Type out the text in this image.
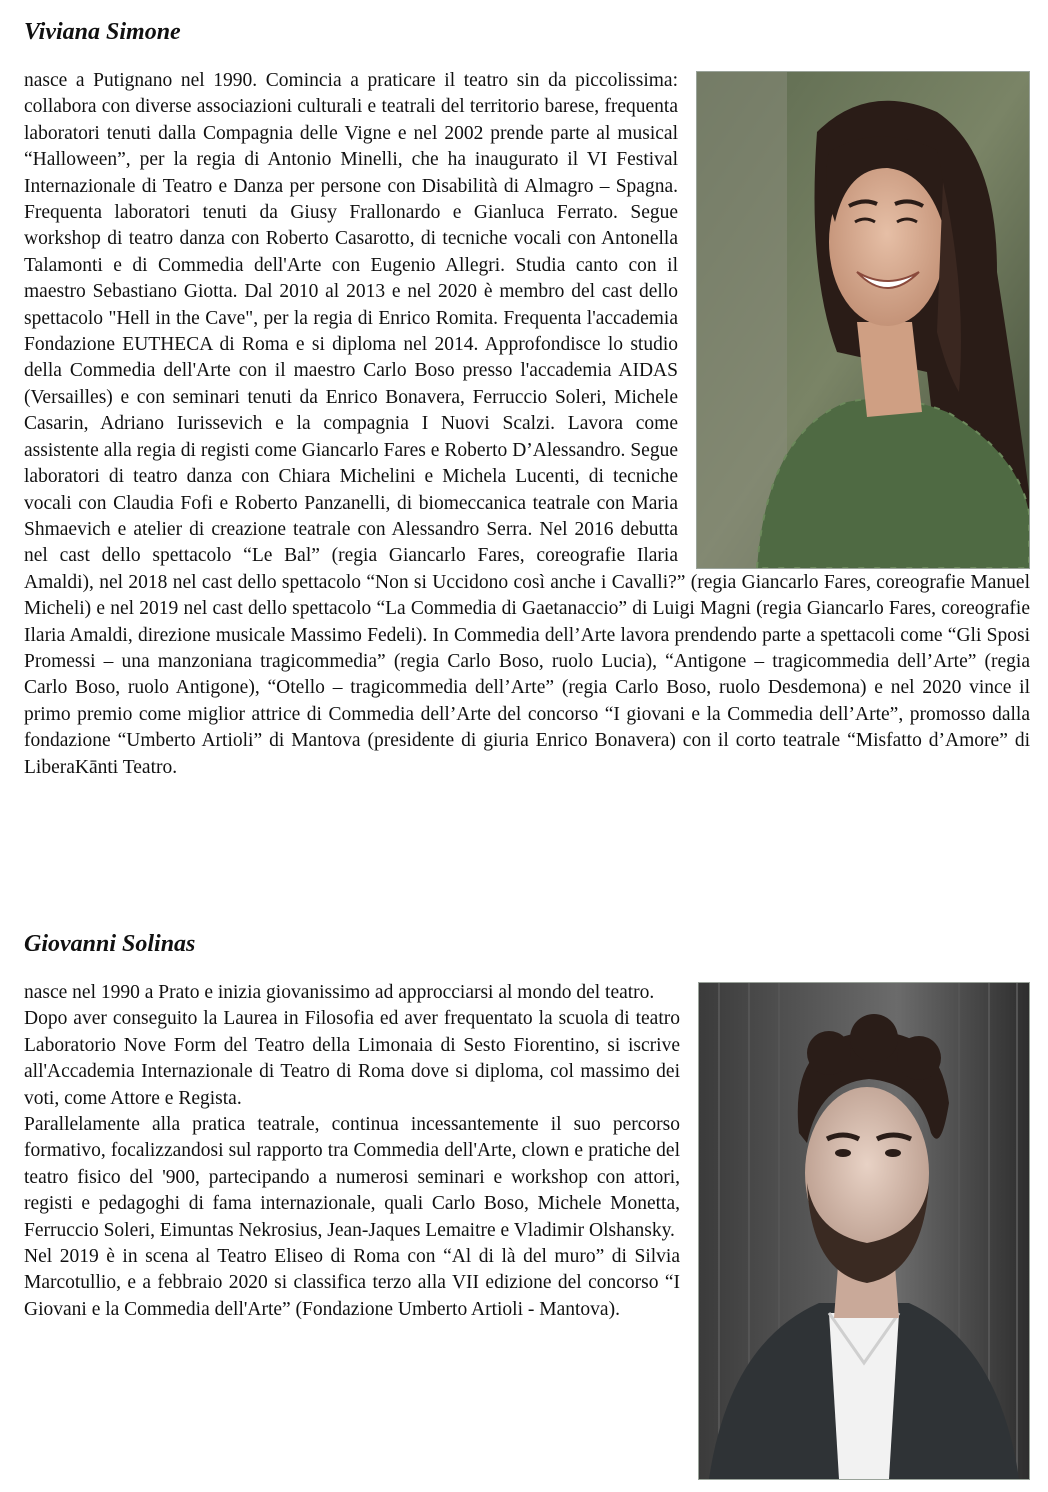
Viviana Simone

nasce a Putignano nel 1990. Comincia a praticare il teatro sin da piccolissima: collabora con diverse associazioni culturali e teatrali del territorio barese, frequenta laboratori tenuti dalla Compagnia delle Vigne e nel 2002 prende parte al musical “Halloween”, per la regia di Antonio Minelli, che ha inaugurato il VI Festival Internazionale di Teatro e Danza per persone con Disabilità di Almagro – Spagna. Frequenta laboratori tenuti da Giusy Frallonardo e Gianluca Ferrato. Segue workshop di teatro danza con Roberto Casarotto, di tecniche vocali con Antonella Talamonti e di Commedia dell'Arte con Eugenio Allegri. Studia canto con il maestro Sebastiano Giotta. Dal 2010 al 2013 e nel 2020 è membro del cast dello spettacolo "Hell in the Cave", per la regia di Enrico Romita. Frequenta l'accademia Fondazione EUTHECA di Roma e si diploma nel 2014. Approfondisce lo studio della Commedia dell'Arte con il maestro Carlo Boso presso l'accademia AIDAS (Versailles) e con seminari tenuti da Enrico Bonavera, Ferruccio Soleri, Michele Casarin, Adriano Iurissevich e la compagnia I Nuovi Scalzi. Lavora come assistente alla regia di registi come Giancarlo Fares e Roberto D’Alessandro. Segue laboratori di teatro danza con Chiara Michelini e Michela Lucenti, di tecniche vocali con Claudia Fofi e Roberto Panzanelli, di biomeccanica teatrale con Maria Shmaevich e atelier di creazione teatrale con Alessandro Serra. Nel 2016 debutta nel cast dello spettacolo “Le Bal” (regia Giancarlo Fares, coreografie Ilaria Amaldi), nel 2018 nel cast dello spettacolo “Non si Uccidono così anche i Cavalli?” (regia Giancarlo Fares, coreografie Manuel Micheli) e nel 2019 nel cast dello spettacolo “La Commedia di Gaetanaccio” di Luigi Magni (regia Giancarlo Fares, coreografie Ilaria Amaldi, direzione musicale Massimo Fedeli). In Commedia dell’Arte lavora prendendo parte a spettacoli come “Gli Sposi Promessi – una manzoniana tragicommedia” (regia Carlo Boso, ruolo Lucia), “Antigone – tragicommedia dell’Arte” (regia Carlo Boso, ruolo Antigone), “Otello – tragicommedia dell’Arte” (regia Carlo Boso, ruolo Desdemona) e nel 2020 vince il primo premio come miglior attrice di Commedia dell’Arte del concorso “I giovani e la Commedia dell’Arte”, promosso dalla fondazione “Umberto Artioli” di Mantova (presidente di giuria Enrico Bonavera) con il corto teatrale “Misfatto d’Amore” di LiberaKānti Teatro.

Giovanni Solinas

nasce nel 1990 a Prato e inizia giovanissimo ad approcciarsi al mondo del teatro.

Dopo aver conseguito la Laurea in Filosofia ed aver frequentato la scuola di teatro Laboratorio Nove Form del Teatro della Limonaia di Sesto Fiorentino, si iscrive all'Accademia Internazionale di Teatro di Roma dove si diploma, col massimo dei voti, come Attore e Regista.

Parallelamente alla pratica teatrale, continua incessantemente il suo percorso formativo, focalizzandosi sul rapporto tra Commedia dell'Arte, clown e pratiche del teatro fisico del '900, partecipando a numerosi seminari e workshop con attori, registi e pedagoghi di fama internazionale, quali Carlo Boso, Michele Monetta, Ferruccio Soleri, Eimuntas Nekrosius, Jean-Jaques Lemaitre e Vladimir Olshansky.

Nel 2019 è in scena al Teatro Eliseo di Roma con “Al di là del muro” di Silvia Marcotullio, e a febbraio 2020 si classifica terzo alla VII edizione del concorso “I Giovani e la Commedia dell'Arte” (Fondazione Umberto Artioli - Mantova).
